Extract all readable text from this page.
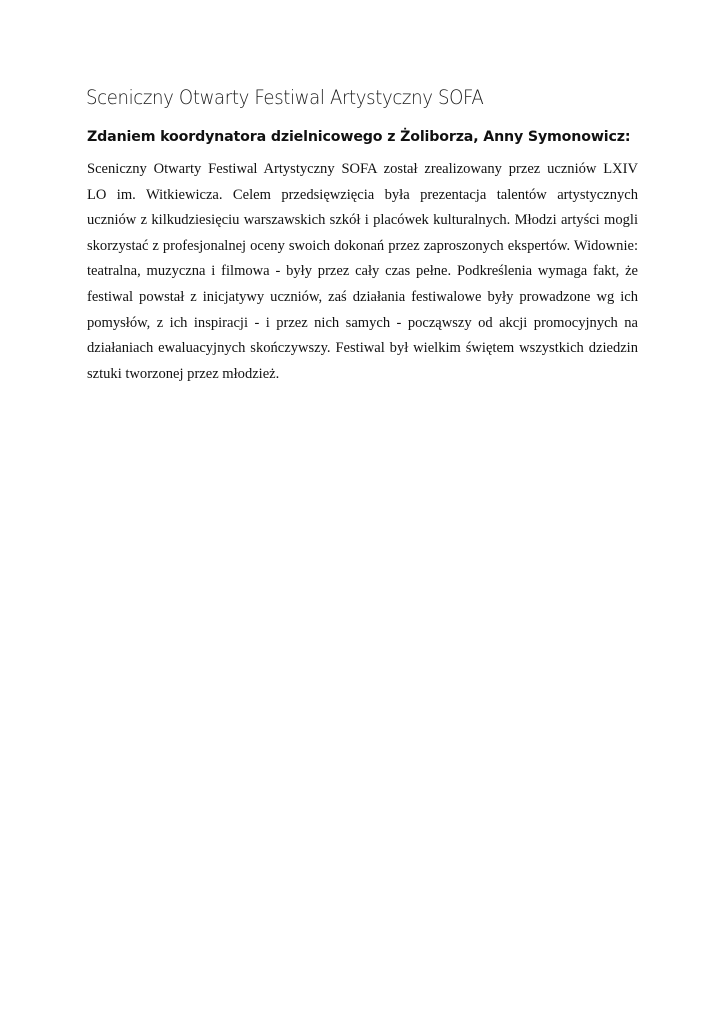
Sceniczny Otwarty Festiwal Artystyczny SOFA
Zdaniem koordynatora dzielnicowego z Żoliborza, Anny Symonowicz:
Sceniczny Otwarty Festiwal Artystyczny SOFA został zrealizowany przez uczniów LXIV
LO im. Witkiewicza. Celem przedsięwzięcia była prezentacja talentów artystycznych
uczniów z kilkudziesięciu warszawskich szkół i placówek kulturalnych. Młodzi artyści mogli
skorzystać z profesjonalnej oceny swoich dokonań przez zaproszonych ekspertów. Widownie:
teatralna, muzyczna i filmowa - były przez cały czas pełne. Podkreślenia wymaga fakt, że
festiwal powstał z inicjatywy uczniów, zaś działania festiwalowe były prowadzone wg ich
pomysłów, z ich inspiracji - i przez nich samych - począwszy od akcji promocyjnych na
działaniach ewaluacyjnych skończywszy. Festiwal był wielkim świętem wszystkich dziedzin
sztuki tworzonej przez młodzież.
